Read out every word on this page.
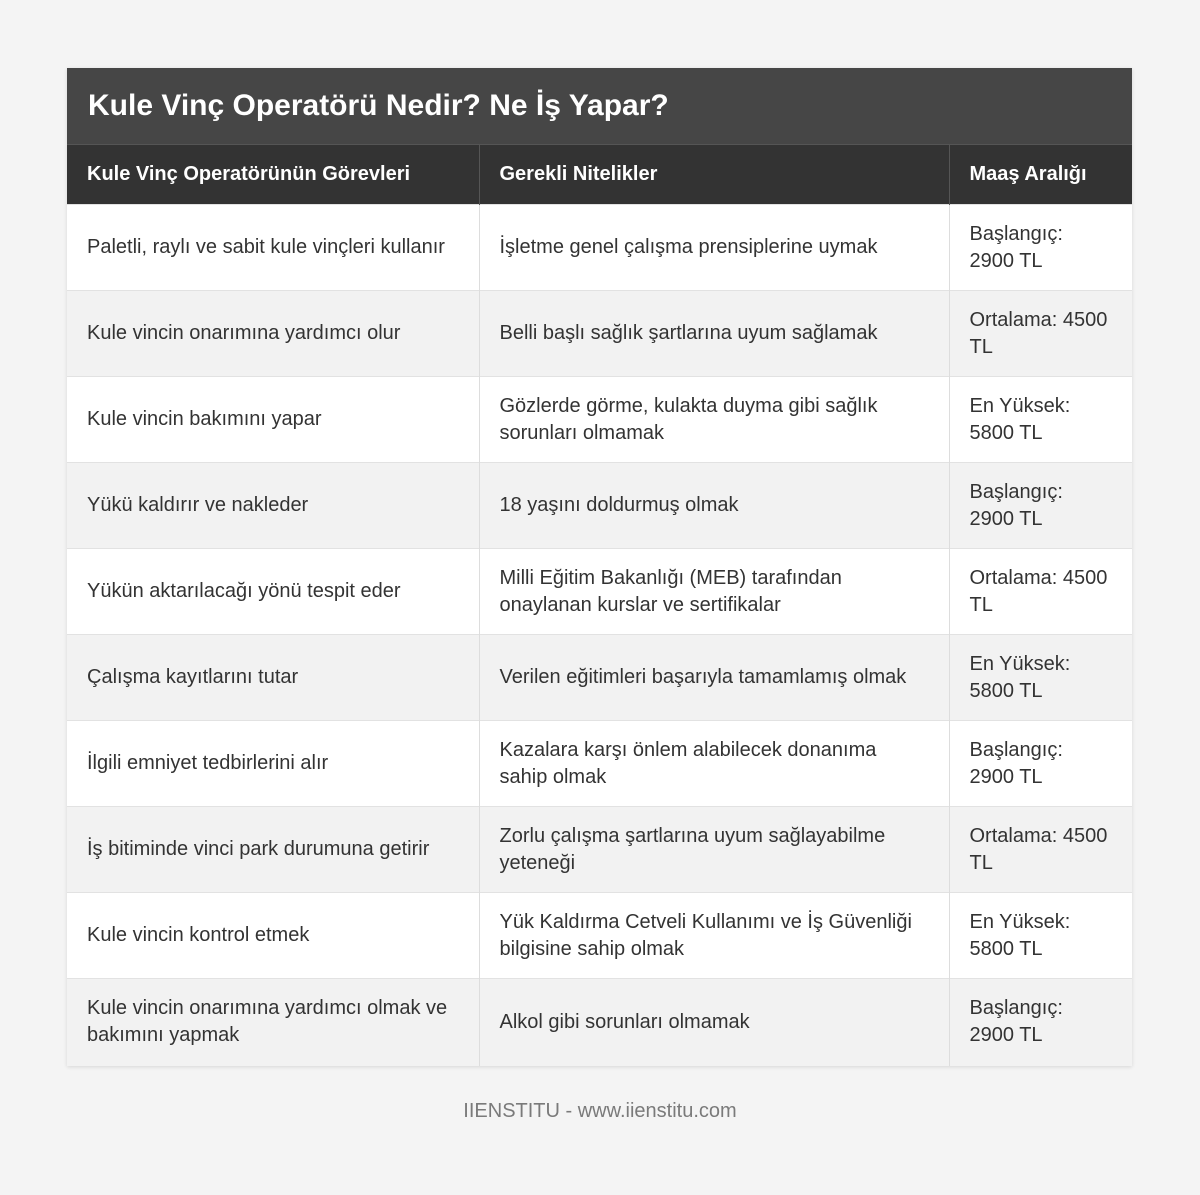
Kule Vinç Operatörü Nedir? Ne İş Yapar?
Kule Vinç Operatörünün Görevleri	Gerekli Nitelikler	Maaş Aralığı
Paletli, raylı ve sabit kule vinçleri kullanır	İşletme genel çalışma prensiplerine uymak	Başlangıç: 2900 TL
Kule vincin onarımına yardımcı olur	Belli başlı sağlık şartlarına uyum sağlamak	Ortalama: 4500 TL
Kule vincin bakımını yapar	Gözlerde görme, kulakta duyma gibi sağlık sorunları olmamak	En Yüksek: 5800 TL
Yükü kaldırır ve nakleder	18 yaşını doldurmuş olmak	Başlangıç: 2900 TL
Yükün aktarılacağı yönü tespit eder	Milli Eğitim Bakanlığı (MEB) tarafından onaylanan kurslar ve sertifikalar	Ortalama: 4500 TL
Çalışma kayıtlarını tutar	Verilen eğitimleri başarıyla tamamlamış olmak	En Yüksek: 5800 TL
İlgili emniyet tedbirlerini alır	Kazalara karşı önlem alabilecek donanıma sahip olmak	Başlangıç: 2900 TL
İş bitiminde vinci park durumuna getirir	Zorlu çalışma şartlarına uyum sağlayabilme yeteneği	Ortalama: 4500 TL
Kule vincin kontrol etmek	Yük Kaldırma Cetveli Kullanımı ve İş Güvenliği bilgisine sahip olmak	En Yüksek: 5800 TL
Kule vincin onarımına yardımcı olmak ve bakımını yapmak	Alkol gibi sorunları olmamak	Başlangıç: 2900 TL
IIENSTITU - www.iienstitu.com
